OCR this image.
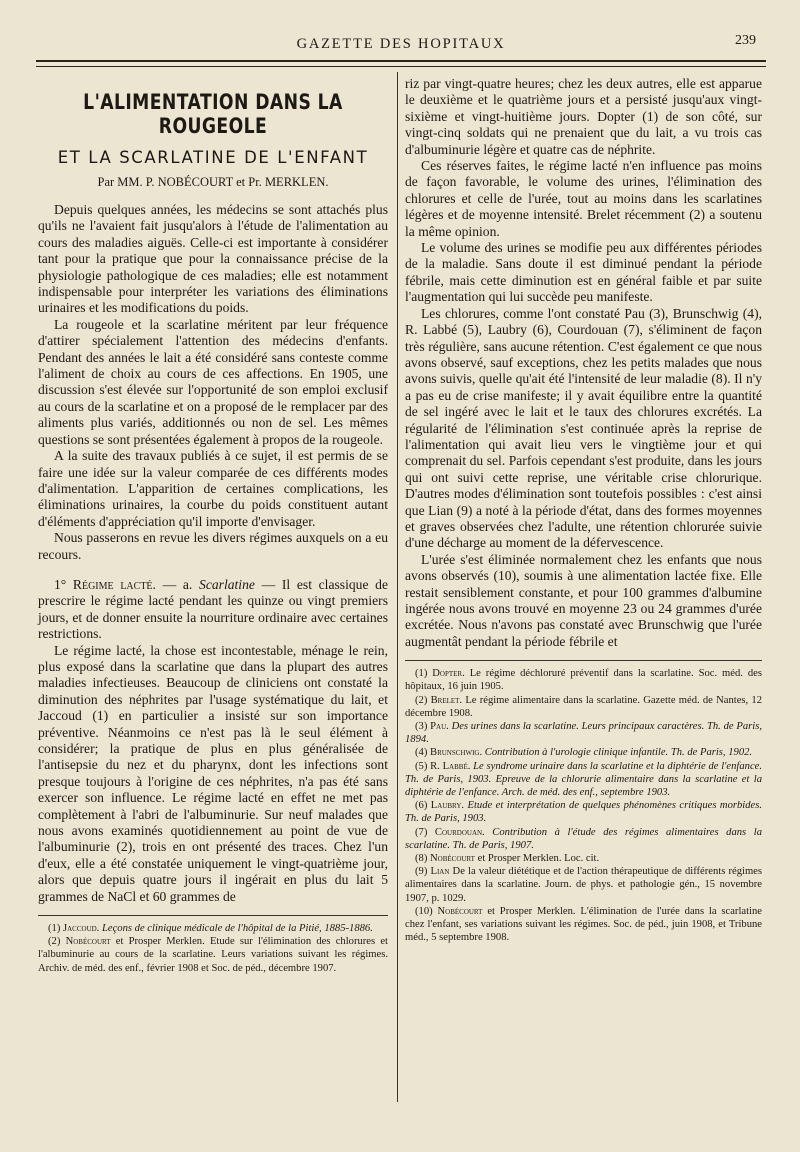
GAZETTE DES HOPITAUX	239
L'ALIMENTATION DANS LA ROUGEOLE
ET LA SCARLATINE DE L'ENFANT
Par MM. P. NOBÉCOURT et Pr. MERKLEN.

Depuis quelques années, les médecins se sont attachés plus qu'ils ne l'avaient fait jusqu'alors à l'étude de l'alimentation au cours des maladies aiguës. Celle-ci est importante à considérer tant pour la pratique que pour la connaissance précise de la physiologie pathologique de ces maladies; elle est notamment indispensable pour interpréter les variations des éliminations urinaires et les modifications du poids.

La rougeole et la scarlatine méritent par leur fréquence d'attirer spécialement l'attention des médecins d'enfants. Pendant des années le lait a été considéré sans conteste comme l'aliment de choix au cours de ces affections. En 1905, une discussion s'est élevée sur l'opportunité de son emploi exclusif au cours de la scarlatine et on a proposé de le remplacer par des aliments plus variés, additionnés ou non de sel. Les mêmes questions se sont présentées également à propos de la rougeole.

A la suite des travaux publiés à ce sujet, il est permis de se faire une idée sur la valeur comparée de ces différents modes d'alimentation. L'apparition de certaines complications, les éliminations urinaires, la courbe du poids constituent autant d'éléments d'appréciation qu'il importe d'envisager.

Nous passerons en revue les divers régimes auxquels on a eu recours.

1° Régime lacté. — a. Scarlatine — Il est classique de prescrire le régime lacté pendant les quinze ou vingt premiers jours, et de donner ensuite la nourriture ordinaire avec certaines restrictions.

Le régime lacté, la chose est incontestable, ménage le rein, plus exposé dans la scarlatine que dans la plupart des autres maladies infectieuses. Beaucoup de cliniciens ont constaté la diminution des néphrites par l'usage systématique du lait, et Jaccoud (1) en particulier a insisté sur son importance préventive. Néanmoins ce n'est pas là le seul élément à considérer; la pratique de plus en plus généralisée de l'antisepsie du nez et du pharynx, dont les infections sont presque toujours à l'origine de ces néphrites, n'a pas été sans exercer son influence. Le régime lacté en effet ne met pas complètement à l'abri de l'albuminurie. Sur neuf malades que nous avons examinés quotidiennement au point de vue de l'albuminurie (2), trois en ont présenté des traces. Chez l'un d'eux, elle a été constatée uniquement le vingt-quatrième jour, alors que depuis quatre jours il ingérait en plus du lait 5 grammes de NaCl et 60 grammes de

(1) Jaccoud. Leçons de clinique médicale de l'hôpital de la Pitié, 1885-1886.

(2) Nobécourt et Prosper Merklen. Etude sur l'élimination des chlorures et l'albuminurie au cours de la scarlatine. Leurs variations suivant les régimes. Archiv. de méd. des enf., février 1908 et Soc. de péd., décembre 1907.

riz par vingt-quatre heures; chez les deux autres, elle est apparue le deuxième et le quatrième jours et a persisté jusqu'aux vingt-sixième et vingt-huitième jours. Dopter (1) de son côté, sur vingt-cinq soldats qui ne prenaient que du lait, a vu trois cas d'albuminurie légère et quatre cas de néphrite.

Ces réserves faites, le régime lacté n'en influence pas moins de façon favorable, le volume des urines, l'élimination des chlorures et celle de l'urée, tout au moins dans les scarlatines légères et de moyenne intensité. Brelet récemment (2) a soutenu la même opinion.

Le volume des urines se modifie peu aux différentes périodes de la maladie. Sans doute il est diminué pendant la période fébrile, mais cette diminution est en général faible et par suite l'augmentation qui lui succède peu manifeste.

Les chlorures, comme l'ont constaté Pau (3), Brunschwig (4), R. Labbé (5), Laubry (6), Courdouan (7), s'éliminent de façon très régulière, sans aucune rétention. C'est également ce que nous avons observé, sauf exceptions, chez les petits malades que nous avons suivis, quelle qu'ait été l'intensité de leur maladie (8). Il n'y a pas eu de crise manifeste; il y avait équilibre entre la quantité de sel ingéré avec le lait et le taux des chlorures excrétés. La régularité de l'élimination s'est continuée après la reprise de l'alimentation qui avait lieu vers le vingtième jour et qui comprenait du sel. Parfois cependant s'est produite, dans les jours qui ont suivi cette reprise, une véritable crise chlorurique. D'autres modes d'élimination sont toutefois possibles : c'est ainsi que Lian (9) a noté à la période d'état, dans des formes moyennes et graves observées chez l'adulte, une rétention chlorurée suivie d'une décharge au moment de la défervescence.

L'urée s'est éliminée normalement chez les enfants que nous avons observés (10), soumis à une alimentation lactée fixe. Elle restait sensiblement constante, et pour 100 grammes d'albumine ingérée nous avons trouvé en moyenne 23 ou 24 grammes d'urée excrétée. Nous n'avons pas constaté avec Brunschwig que l'urée augmentât pendant la période fébrile et

(1) Dopter. Le régime déchloruré préventif dans la scarlatine. Soc. méd. des hôpitaux, 16 juin 1905.

(2) Brelet. Le régime alimentaire dans la scarlatine. Gazette méd. de Nantes, 12 décembre 1908.

(3) Pau. Des urines dans la scarlatine. Leurs principaux caractères. Th. de Paris, 1894.

(4) Brunschwig. Contribution à l'urologie clinique infantile. Th. de Paris, 1902.

(5) R. Labbé. Le syndrome urinaire dans la scarlatine et la diphtérie de l'enfance. Th. de Paris, 1903. Epreuve de la chlorurie alimentaire dans la scarlatine et la diphtérie de l'enfance. Arch. de méd. des enf., septembre 1903.

(6) Laubry. Etude et interprétation de quelques phénomènes critiques morbides. Th. de Paris, 1903.

(7) Courdouan. Contribution à l'étude des régimes alimentaires dans la scarlatine. Th. de Paris, 1907.

(8) Nobécourt et Prosper Merklen. Loc. cit.

(9) Lian De la valeur diététique et de l'action thérapeutique de différents régimes alimentaires dans la scarlatine. Journ. de phys. et pathologie gén., 15 novembre 1907, p. 1029.

(10) Nobécourt et Prosper Merklen. L'élimination de l'urée dans la scarlatine chez l'enfant, ses variations suivant les régimes. Soc. de péd., juin 1908, et Tribune méd., 5 septembre 1908.
